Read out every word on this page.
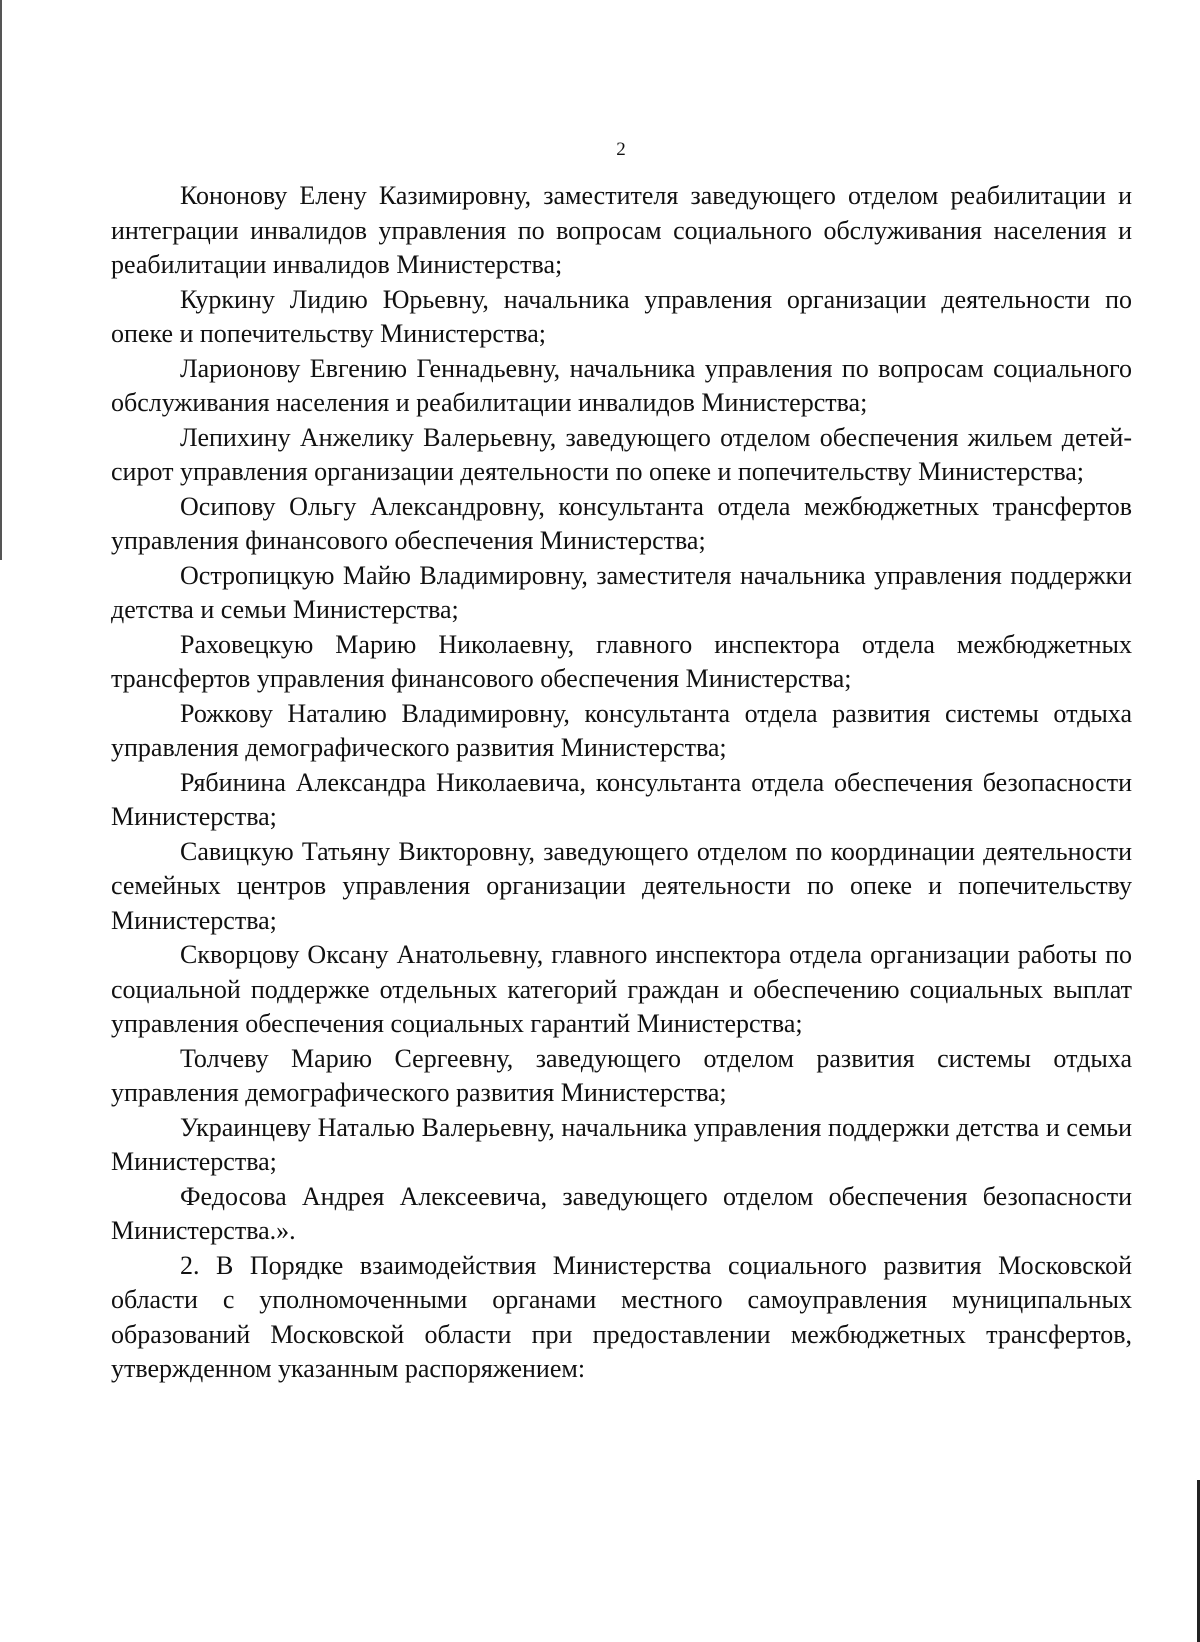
2

Кононову Елену Казимировну, заместителя заведующего отделом реабилитации и интеграции инвалидов управления по вопросам социального обслуживания населения и реабилитации инвалидов Министерства;

Куркину Лидию Юрьевну, начальника управления организации деятельности по опеке и попечительству Министерства;

Ларионову Евгению Геннадьевну, начальника управления по вопросам социального обслуживания населения и реабилитации инвалидов Министерства;

Лепихину Анжелику Валерьевну, заведующего отделом обеспечения жильем детей-сирот управления организации деятельности по опеке и попечительству Министерства;

Осипову Ольгу Александровну, консультанта отдела межбюджетных трансфертов управления финансового обеспечения Министерства;

Остропицкую Майю Владимировну, заместителя начальника управления поддержки детства и семьи Министерства;

Раховецкую Марию Николаевну, главного инспектора отдела межбюджетных трансфертов управления финансового обеспечения Министерства;

Рожкову Наталию Владимировну, консультанта отдела развития системы отдыха управления демографического развития Министерства;

Рябинина Александра Николаевича, консультанта отдела обеспечения безопасности Министерства;

Савицкую Татьяну Викторовну, заведующего отделом по координации деятельности семейных центров управления организации деятельности по опеке и попечительству Министерства;

Скворцову Оксану Анатольевну, главного инспектора отдела организации работы по социальной поддержке отдельных категорий граждан и обеспечению социальных выплат управления обеспечения социальных гарантий Министерства;

Толчеву Марию Сергеевну, заведующего отделом развития системы отдыха управления демографического развития Министерства;

Украинцеву Наталью Валерьевну, начальника управления поддержки детства и семьи Министерства;

Федосова Андрея Алексеевича, заведующего отделом обеспечения безопасности Министерства.».

2. В Порядке взаимодействия Министерства социального развития Московской области с уполномоченными органами местного самоуправления муниципальных образований Московской области при предоставлении межбюджетных трансфертов, утвержденном указанным распоряжением:
